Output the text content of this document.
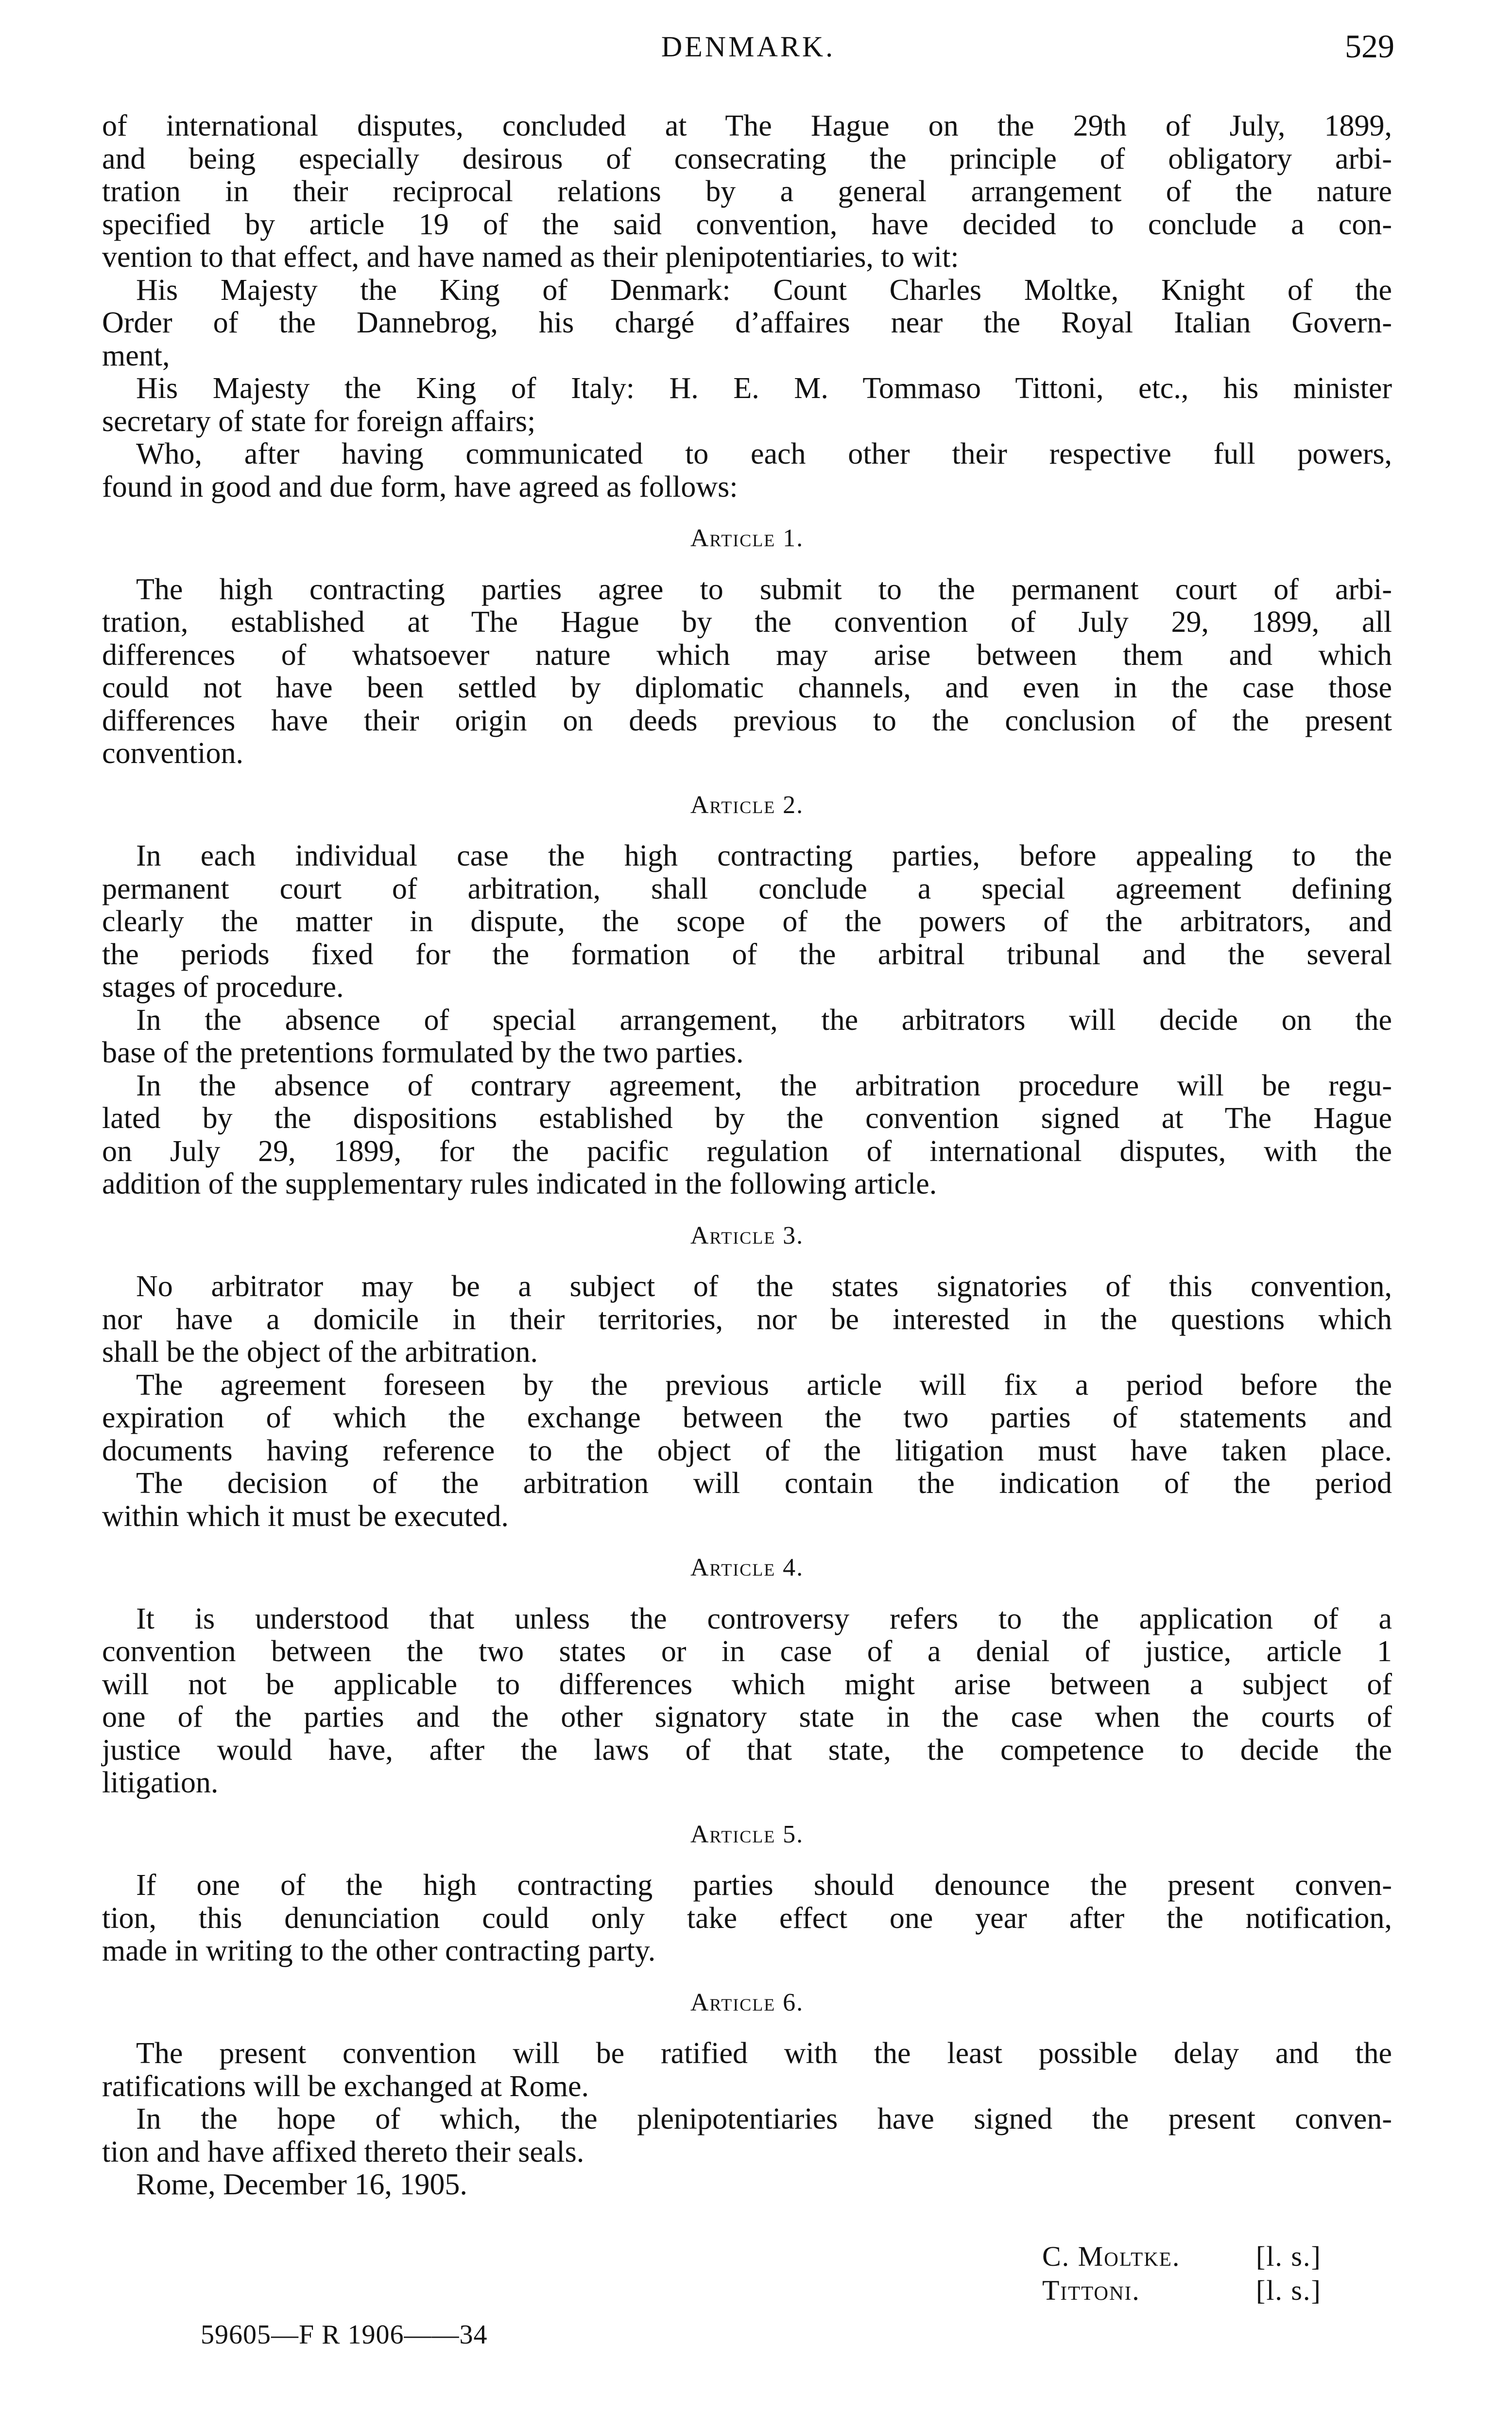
DENMARK.	529
of international disputes, concluded at The Hague on the 29th of July, 1899,
and being especially desirous of consecrating the principle of obligatory arbi-
tration in their reciprocal relations by a general arrangement of the nature
specified by article 19 of the said convention, have decided to conclude a con-
vention to that effect, and have named as their plenipotentiaries, to wit:
His Majesty the King of Denmark: Count Charles Moltke, Knight of the
Order of the Dannebrog, his chargé d’affaires near the Royal Italian Govern-
ment,
His Majesty the King of Italy: H. E. M. Tommaso Tittoni, etc., his minister
secretary of state for foreign affairs;
Who, after having communicated to each other their respective full powers,
found in good and due form, have agreed as follows:
Article 1.
The high contracting parties agree to submit to the permanent court of arbi-
tration, established at The Hague by the convention of July 29, 1899, all
differences of whatsoever nature which may arise between them and which
could not have been settled by diplomatic channels, and even in the case those
differences have their origin on deeds previous to the conclusion of the present
convention.
Article 2.
In each individual case the high contracting parties, before appealing to the
permanent court of arbitration, shall conclude a special agreement defining
clearly the matter in dispute, the scope of the powers of the arbitrators, and
the periods fixed for the formation of the arbitral tribunal and the several
stages of procedure.
In the absence of special arrangement, the arbitrators will decide on the
base of the pretentions formulated by the two parties.
In the absence of contrary agreement, the arbitration procedure will be regu-
lated by the dispositions established by the convention signed at The Hague
on July 29, 1899, for the pacific regulation of international disputes, with the
addition of the supplementary rules indicated in the following article.
Article 3.
No arbitrator may be a subject of the states signatories of this convention,
nor have a domicile in their territories, nor be interested in the questions which
shall be the object of the arbitration.
The agreement foreseen by the previous article will fix a period before the
expiration of which the exchange between the two parties of statements and
documents having reference to the object of the litigation must have taken place.
The decision of the arbitration will contain the indication of the period
within which it must be executed.
Article 4.
It is understood that unless the controversy refers to the application of a
convention between the two states or in case of a denial of justice, article 1
will not be applicable to differences which might arise between a subject of
one of the parties and the other signatory state in the case when the courts of
justice would have, after the laws of that state, the competence to decide the
litigation.
Article 5.
If one of the high contracting parties should denounce the present conven-
tion, this denunciation could only take effect one year after the notification,
made in writing to the other contracting party.
Article 6.
The present convention will be ratified with the least possible delay and the
ratifications will be exchanged at Rome.
In the hope of which, the plenipotentiaries have signed the present conven-
tion and have affixed thereto their seals.
Rome, December 16, 1905.
C. Moltke.	[l. s.]
Tittoni.	[l. s.]
59605—F R 1906——34
